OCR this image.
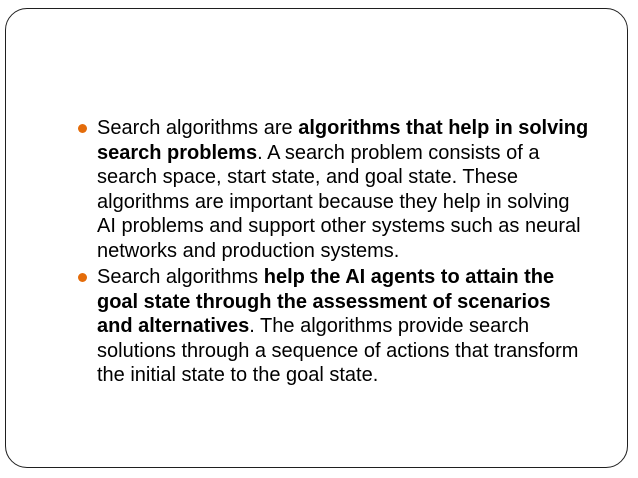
Search algorithms are algorithms that help in solving search problems. A search problem consists of a search space, start state, and goal state. These algorithms are important because they help in solving AI problems and support other systems such as neural networks and production systems.
Search algorithms help the AI agents to attain the goal state through the assessment of scenarios and alternatives. The algorithms provide search solutions through a sequence of actions that transform the initial state to the goal state.
